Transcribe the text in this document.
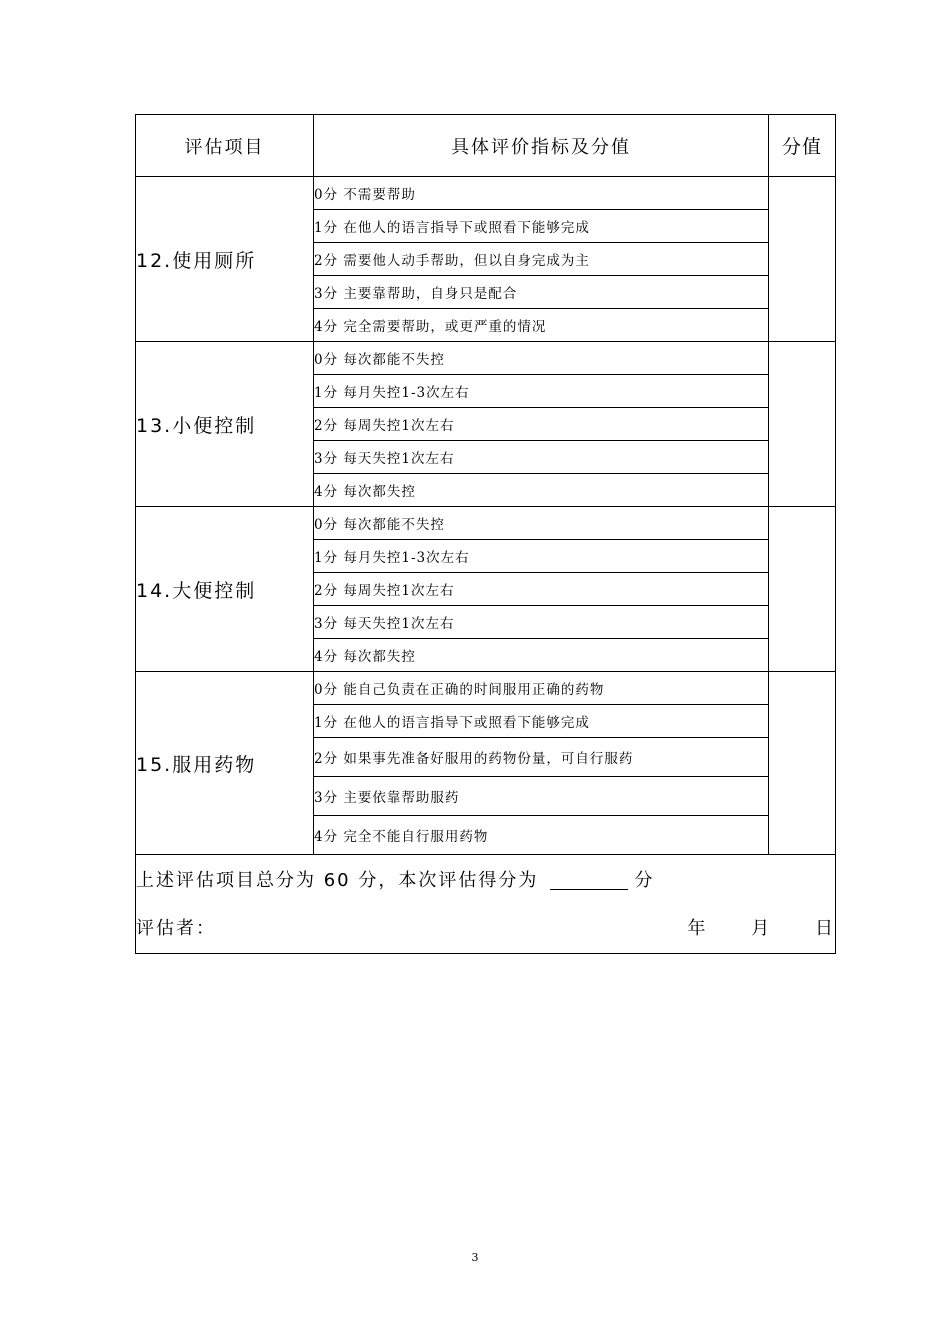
评估项目	具体评价指标及分值	分值
12.使用厕所	0分 不需要帮助	
	1分 在他人的语言指导下或照看下能够完成	
	2分 需要他人动手帮助，但以自身完成为主	
	3分 主要靠帮助，自身只是配合	
	4分 完全需要帮助，或更严重的情况	
13.小便控制	0分 每次都能不失控	
	1分 每月失控1-3次左右	
	2分 每周失控1次左右	
	3分 每天失控1次左右	
	4分 每次都失控	
14.大便控制	0分 每次都能不失控	
	1分 每月失控1-3次左右	
	2分 每周失控1次左右	
	3分 每天失控1次左右	
	4分 每次都失控	
15.服用药物	0分 能自己负责在正确的时间服用正确的药物	
	1分 在他人的语言指导下或照看下能够完成	
	2分 如果事先准备好服用的药物份量，可自行服药	
	3分 主要依靠帮助服药	
	4分 完全不能自行服用药物	

上述评估项目总分为 60 分，本次评估得分为 分
评估者： 年 月 日		
3
